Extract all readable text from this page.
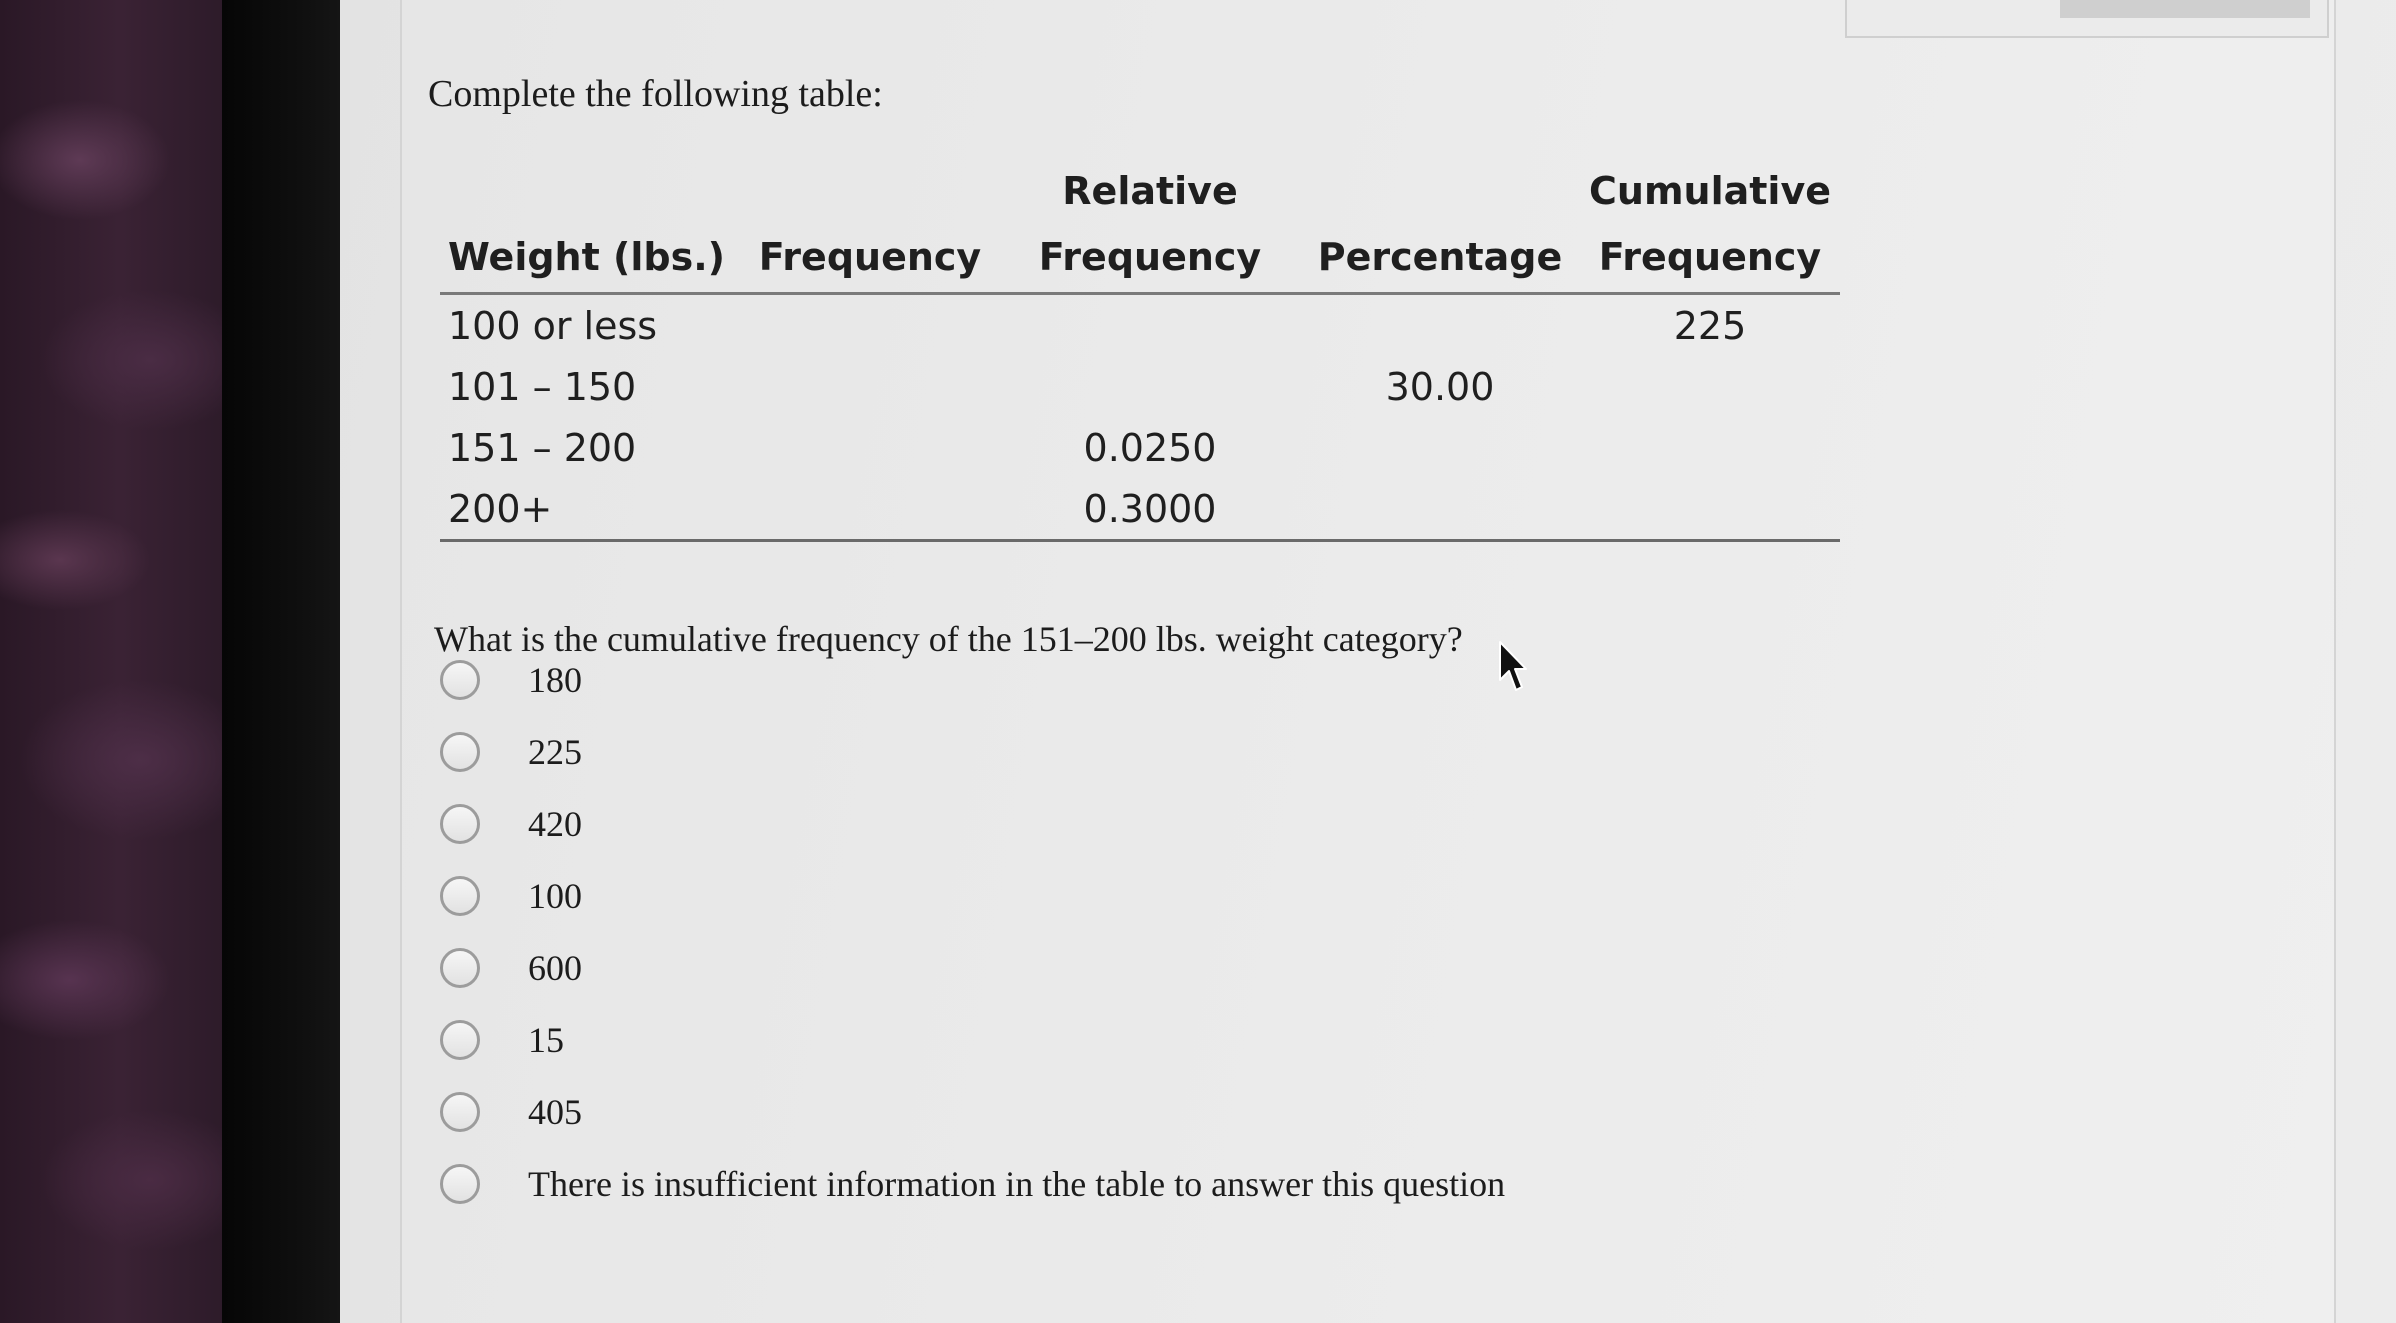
Complete the following table:
		Relative		Cumulative
Weight (lbs.)	Frequency	Frequency	Percentage	Frequency
100 or less				225
101 – 150			30.00	
151 – 200		0.0250		
200+		0.3000		
What is the cumulative frequency of the 151–200 lbs. weight category?
180
225
420
100
600
15
405
There is insufficient information in the table to answer this question
